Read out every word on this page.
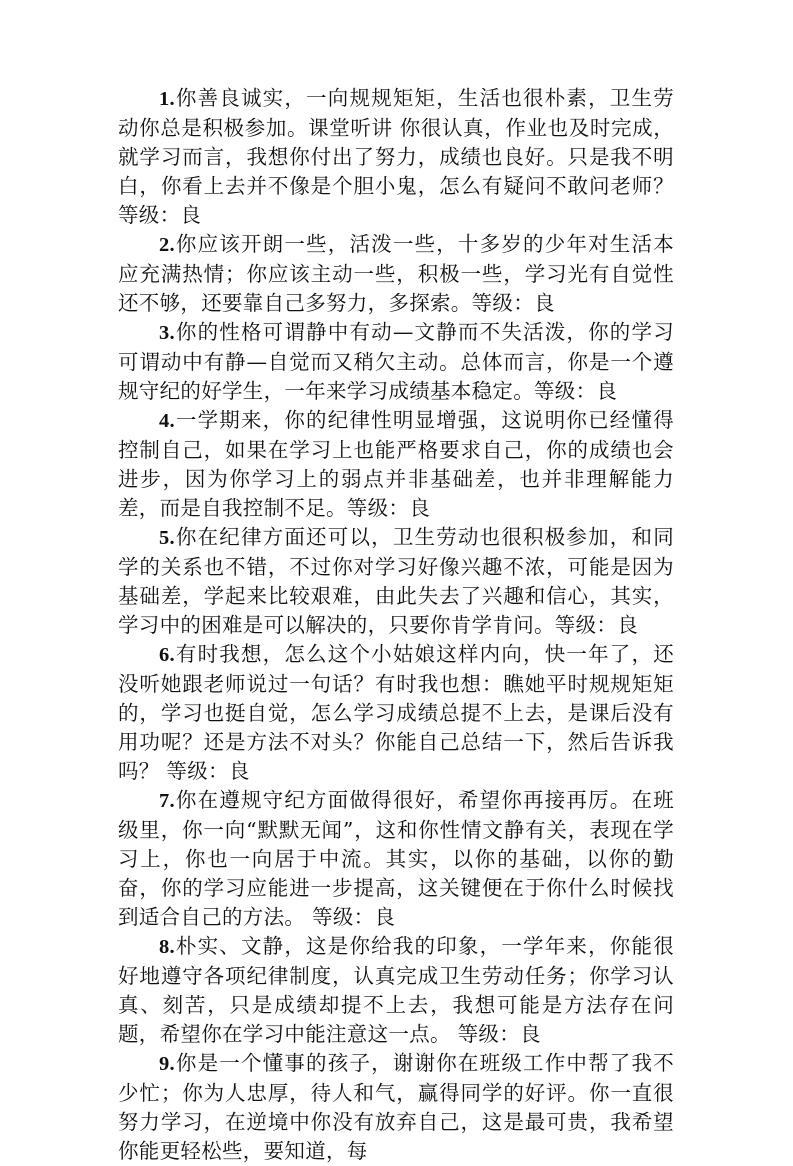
1.你善良诚实，一向规规矩矩，生活也很朴素，卫生劳动你总是积极参加。课堂听讲 你很认真，作业也及时完成，就学习而言，我想你付出了努力，成绩也良好。只是我不明白，你看上去并不像是个胆小鬼，怎么有疑问不敢问老师？等级：良

2.你应该开朗一些，活泼一些，十多岁的少年对生活本应充满热情；你应该主动一些，积极一些，学习光有自觉性还不够，还要靠自己多努力，多探索。等级：良

3.你的性格可谓静中有动—文静而不失活泼，你的学习可谓动中有静—自觉而又稍欠主动。总体而言，你是一个遵规守纪的好学生，一年来学习成绩基本稳定。等级：良

4.一学期来，你的纪律性明显增强，这说明你已经懂得控制自己，如果在学习上也能严格要求自己，你的成绩也会进步，因为你学习上的弱点并非基础差，也并非理解能力差，而是自我控制不足。等级：良

5.你在纪律方面还可以，卫生劳动也很积极参加，和同学的关系也不错，不过你对学习好像兴趣不浓，可能是因为基础差，学起来比较艰难，由此失去了兴趣和信心，其实，学习中的困难是可以解决的，只要你肯学肯问。等级：良

6.有时我想，怎么这个小姑娘这样内向，快一年了，还没听她跟老师说过一句话？有时我也想：瞧她平时规规矩矩的，学习也挺自觉，怎么学习成绩总提不上去，是课后没有用功呢？还是方法不对头？你能自己总结一下，然后告诉我吗？ 等级：良

7.你在遵规守纪方面做得很好，希望你再接再厉。在班级里，你一向“默默无闻”，这和你性情文静有关，表现在学习上，你也一向居于中流。其实，以你的基础，以你的勤奋，你的学习应能进一步提高，这关键便在于你什么时候找到适合自己的方法。 等级：良

8.朴实、文静，这是你给我的印象，一学年来，你能很好地遵守各项纪律制度，认真完成卫生劳动任务；你学习认真、刻苦，只是成绩却提不上去，我想可能是方法存在问题，希望你在学习中能注意这一点。 等级：良

9.你是一个懂事的孩子，谢谢你在班级工作中帮了我不少忙；你为人忠厚，待人和气，赢得同学的好评。你一直很努力学习，在逆境中你没有放弃自己，这是最可贵，我希望你能更轻松些，要知道，每
